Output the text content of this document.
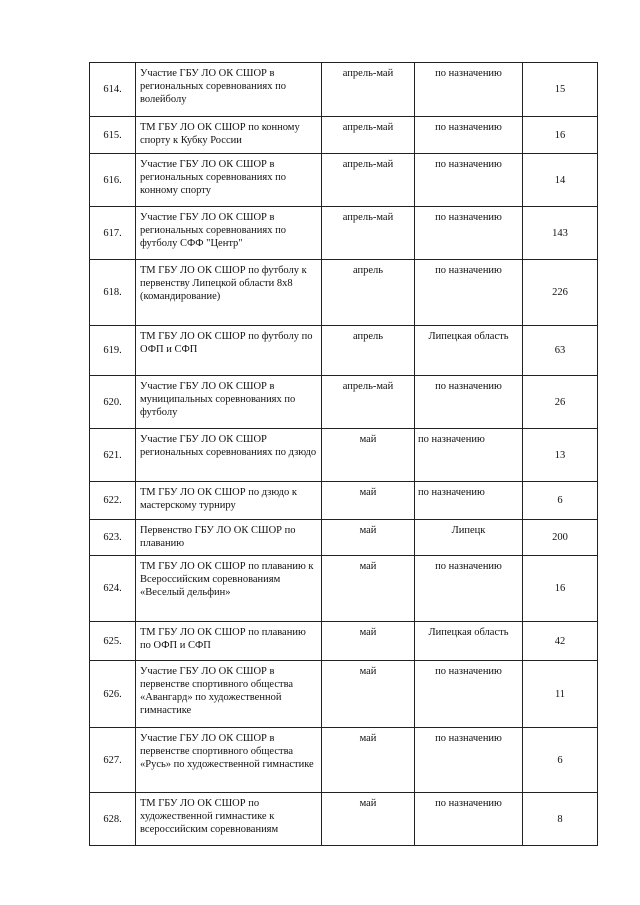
614.	Участие ГБУ ЛО ОК СШОР в региональных соревнованиях по волейболу	апрель-май	по назначению	15
615.	ТМ ГБУ ЛО ОК СШОР по конному спорту к Кубку России	апрель-май	по назначению	16
616.	Участие ГБУ ЛО ОК СШОР в региональных соревнованиях по конному спорту	апрель-май	по назначению	14
617.	Участие ГБУ ЛО ОК СШОР в региональных соревнованиях по футболу СФФ "Центр"	апрель-май	по назначению	143
618.	ТМ ГБУ ЛО ОК СШОР по футболу к первенству Липецкой области 8х8 (командирование)	апрель	по назначению	226
619.	ТМ ГБУ ЛО ОК СШОР по футболу по ОФП и СФП	апрель	Липецкая область	63
620.	Участие ГБУ ЛО ОК СШОР в муниципальных соревнованиях по футболу	апрель-май	по назначению	26
621.	Участие ГБУ ЛО ОК СШОР региональных соревнованиях по дзюдо	май	по назначению	13
622.	ТМ ГБУ ЛО ОК СШОР по дзюдо к мастерскому турниру	май	по назначению	6
623.	Первенство ГБУ ЛО ОК СШОР по плаванию	май	Липецк	200
624.	ТМ ГБУ ЛО ОК СШОР по плаванию к Всероссийским соревнованиям «Веселый дельфин»	май	по назначению	16
625.	ТМ ГБУ ЛО ОК СШОР по плаванию по ОФП и СФП	май	Липецкая область	42
626.	Участие ГБУ ЛО ОК СШОР в первенстве спортивного общества «Авангард» по художественной гимнастике	май	по назначению	11
627.	Участие ГБУ ЛО ОК СШОР в первенстве спортивного общества «Русь» по художественной гимнастике	май	по назначению	6
628.	ТМ ГБУ ЛО ОК СШОР по художественной гимнастике к всероссийским соревнованиям	май	по назначению	8
